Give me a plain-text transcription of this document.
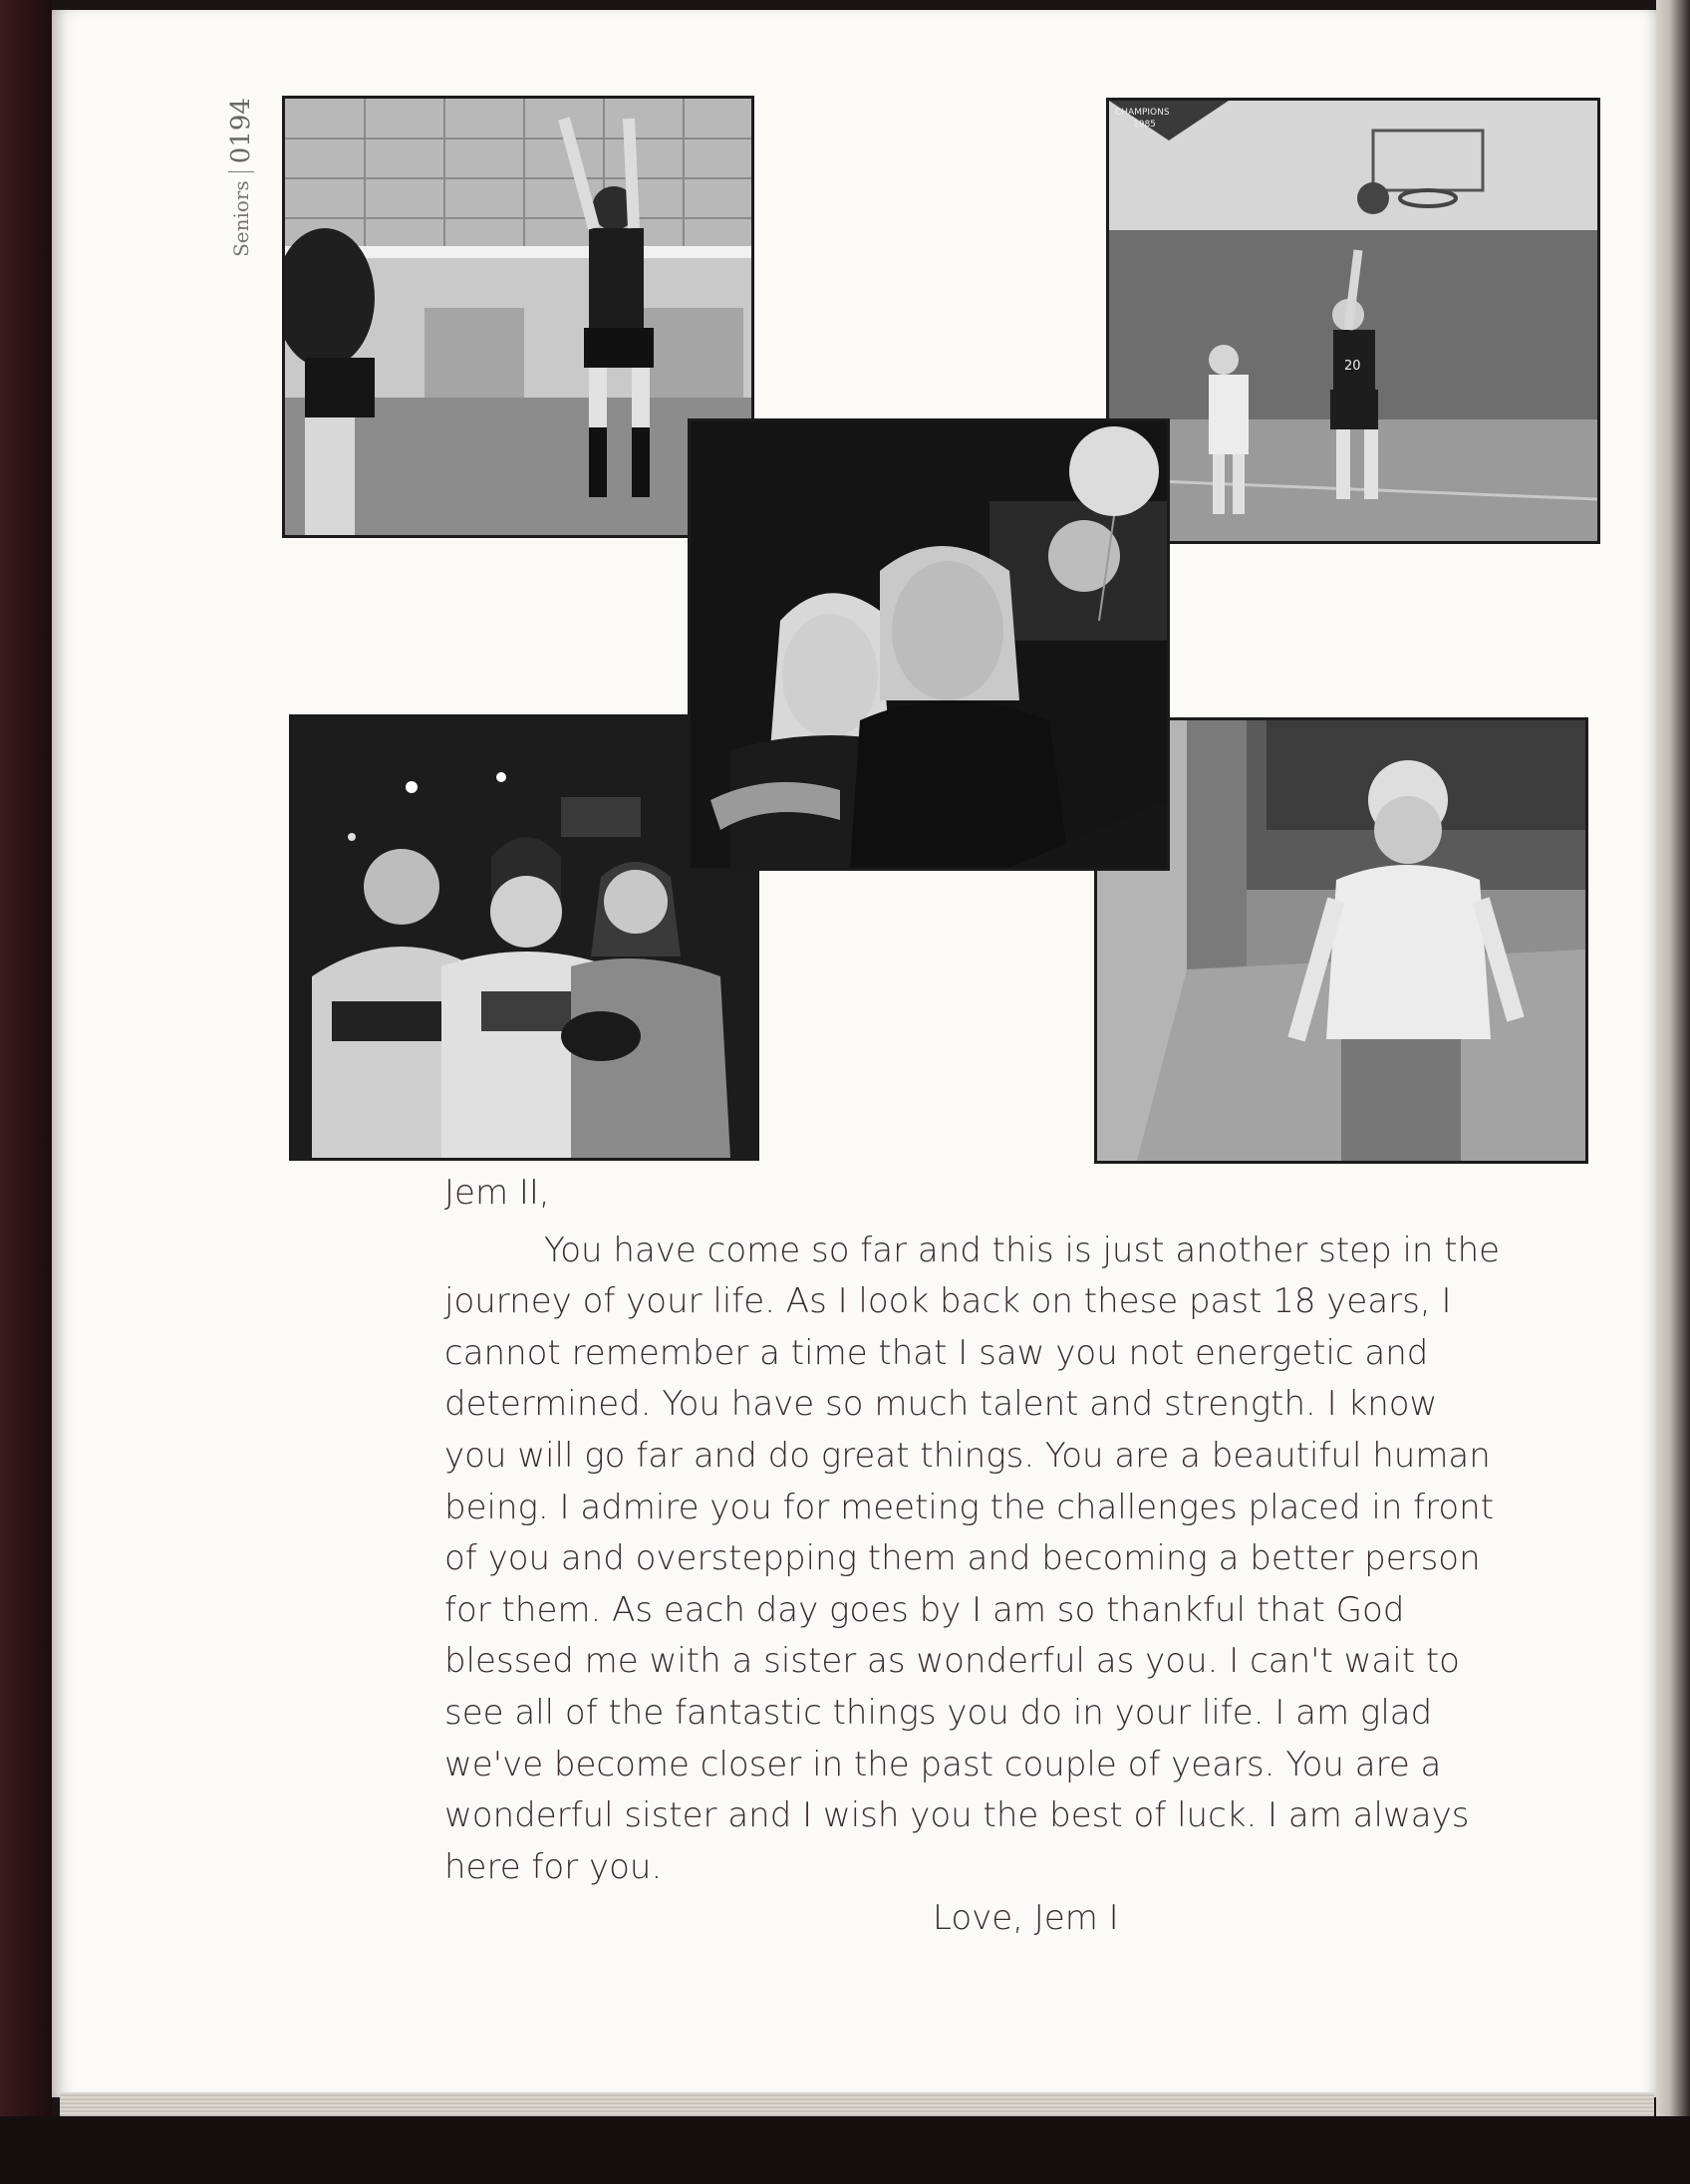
Seniors
0194	CHAMPIONS
1985
20

Jem II,

You have come so far and this is just another step in the journey of your life. As I look back on these past 18 years, I cannot remember a time that I saw you not energetic and determined. You have so much talent and strength. I know you will go far and do great things. You are a beautiful human being. I admire you for meeting the challenges placed in front of you and overstepping them and becoming a better person for them. As each day goes by I am so thankful that God blessed me with a sister as wonderful as you. I can't wait to see all of the fantastic things you do in your life. I am glad we've become closer in the past couple of years. You are a wonderful sister and I wish you the best of luck. I am always here for you.

Love, Jem I
